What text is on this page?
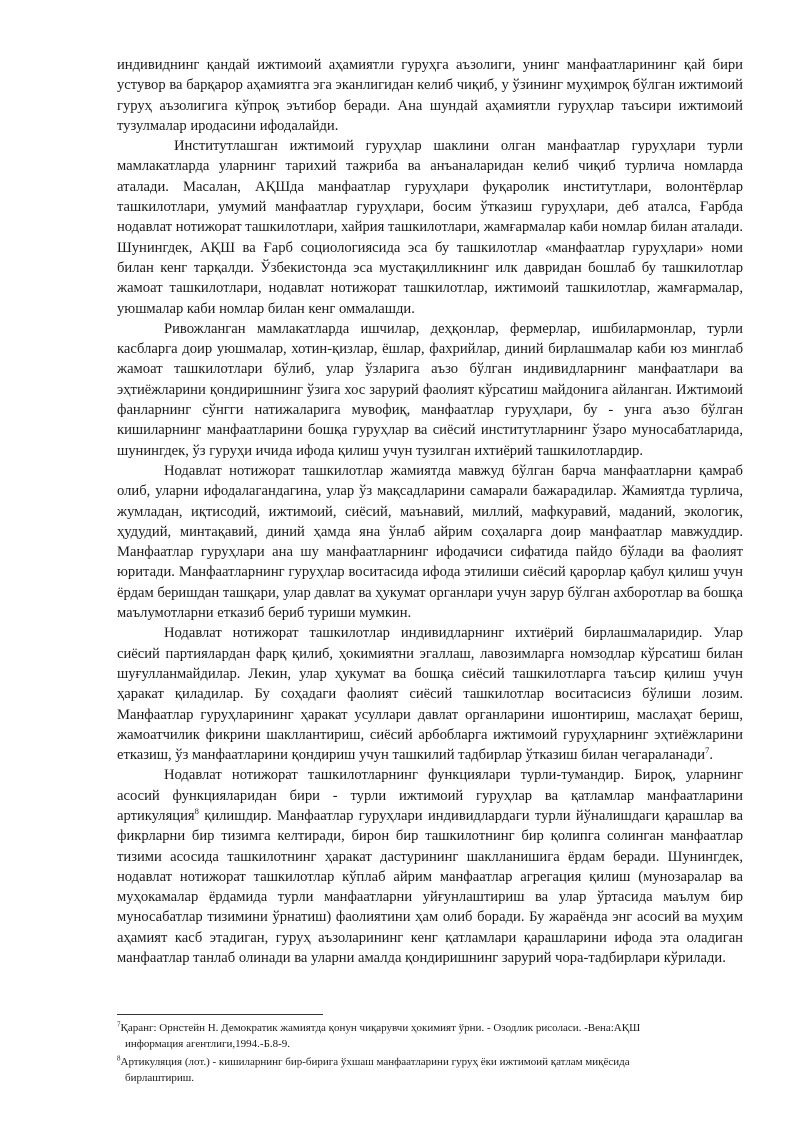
индивиднинг қандай ижтимоий аҳамиятли гуруҳга аъзолиги, унинг манфаатларининг қай бири устувор ва барқарор аҳамиятга эга эканлигидан келиб чиқиб, у ўзининг муҳимроқ бўлган ижтимоий гуруҳ аъзолигига кўпроқ эътибор беради. Ана шундай аҳамиятли гуруҳлар таъсири ижтимоий тузулмалар иродасини ифодалайди.

Институтлашган ижтимоий гуруҳлар шаклини олган манфаатлар гуруҳлари турли мамлакатларда уларнинг тарихий тажриба ва анъаналаридан келиб чиқиб турлича номларда аталади. Масалан, АҚШда манфаатлар гуруҳлари фуқаролик институтлари, волонтёрлар ташкилотлари, умумий манфаатлар гуруҳлари, босим ўтказиш гуруҳлари, деб аталса, Ғарбда нодавлат нотижорат ташкилотлари, хайрия ташкилотлари, жамғармалар каби номлар билан аталади. Шунингдек, АҚШ ва Ғарб социологиясида эса бу ташкилотлар «манфаатлар гуруҳлари» номи билан кенг тарқалди. Ўзбекистонда эса мустақилликнинг илк давридан бошлаб бу ташкилотлар жамоат ташкилотлари, нодавлат нотижорат ташкилотлар, ижтимоий ташкилотлар, жамғармалар, уюшмалар каби номлар билан кенг оммалашди.

Ривожланган мамлакатларда ишчилар, деҳқонлар, фермерлар, ишбилармонлар, турли касбларга доир уюшмалар, хотин-қизлар, ёшлар, фахрийлар, диний бирлашмалар каби юз минглаб жамоат ташкилотлари бўлиб, улар ўзларига аъзо бўлган индивидларнинг манфаатлари ва эҳтиёжларини қондиришнинг ўзига хос зарурий фаолият кўрсатиш майдонига айланган. Ижтимоий фанларнинг сўнгги натижаларига мувофиқ, манфаатлар гуруҳлари, бу - унга аъзо бўлган кишиларнинг манфаатларини бошқа гуруҳлар ва сиёсий институтларнинг ўзаро муносабатларида, шунингдек, ўз гуруҳи ичида ифода қилиш учун тузилган ихтиёрий ташкилотлардир.

Нодавлат нотижорат ташкилотлар жамиятда мавжуд бўлган барча манфаатларни қамраб олиб, уларни ифодалагандагина, улар ўз мақсадларини самарали бажарадилар. Жамиятда турлича, жумладан, иқтисодий, ижтимоий, сиёсий, маънавий, миллий, мафкуравий, маданий, экологик, ҳудудий, минтақавий, диний ҳамда яна ўнлаб айрим соҳаларга доир манфаатлар мавжуддир. Манфаатлар гуруҳлари ана шу манфаатларнинг ифодачиси сифатида пайдо бўлади ва фаолият юритади. Манфаатларнинг гуруҳлар воситасида ифода этилиши сиёсий қарорлар қабул қилиш учун ёрдам беришдан ташқари, улар давлат ва ҳукумат органлари учун зарур бўлган ахборотлар ва бошқа маълумотларни етказиб бериб туриши мумкин.

Нодавлат нотижорат ташкилотлар индивидларнинг ихтиёрий бирлашмаларидир. Улар сиёсий партиялардан фарқ қилиб, ҳокимиятни эгаллаш, лавозимларга номзодлар кўрсатиш билан шуғулланмайдилар. Лекин, улар ҳукумат ва бошқа сиёсий ташкилотларга таъсир қилиш учун ҳаракат қиладилар. Бу соҳадаги фаолият сиёсий ташкилотлар воситасисиз бўлиши лозим. Манфаатлар гуруҳларининг ҳаракат усуллари давлат органларини ишонтириш, маслаҳат бериш, жамоатчилик фикрини шакллантириш, сиёсий арбобларга ижтимоий гуруҳларнинг эҳтиёжларини етказиш, ўз манфаатларини қондириш учун ташкилий тадбирлар ўтказиш билан чегараланади$^7$.

Нодавлат нотижорат ташкилотларнинг функциялари турли-тумандир. Бироқ, уларнинг асосий функцияларидан бири - турли ижтимоий гуруҳлар ва қатламлар манфаатларини артикуляция$^8$ қилишдир. Манфаатлар гуруҳлари индивидлардаги турли йўналишдаги қарашлар ва фикрларни бир тизимга келтиради, бирон бир ташкилотнинг бир қолипга солинган манфаатлар тизими асосида ташкилотнинг ҳаракат дастурининг шаклланишига ёрдам беради. Шунингдек, нодавлат нотижорат ташкилотлар кўплаб айрим манфаатлар агрегация қилиш (мунозаралар ва муҳокамалар ёрдамида турли манфаатларни уйғунлаштириш ва улар ўртасида маълум бир муносабатлар тизимини ўрнатиш) фаолиятини ҳам олиб боради. Бу жараёнда энг асосий ва муҳим аҳамият касб этадиган, гуруҳ аъзоларининг кенг қатламлари қарашларини ифода эта оладиган манфаатлар танлаб олинади ва уларни амалда қондиришнинг зарурий чора-тадбирлари кўрилади.

$^7$Қаранг: Орнстейн Н. Демократик жамиятда қонун чиқарувчи ҳокимият ўрни. - Озодлик рисоласи. -Вена:АҚШ
информация агентлиги,1994.-Б.8-9.
$^8$Артикуляция (лот.) - кишиларнинг бир-бирига ўхшаш манфаатларини гуруҳ ёки ижтимоий қатлам миқёсида
бирлаштириш.
